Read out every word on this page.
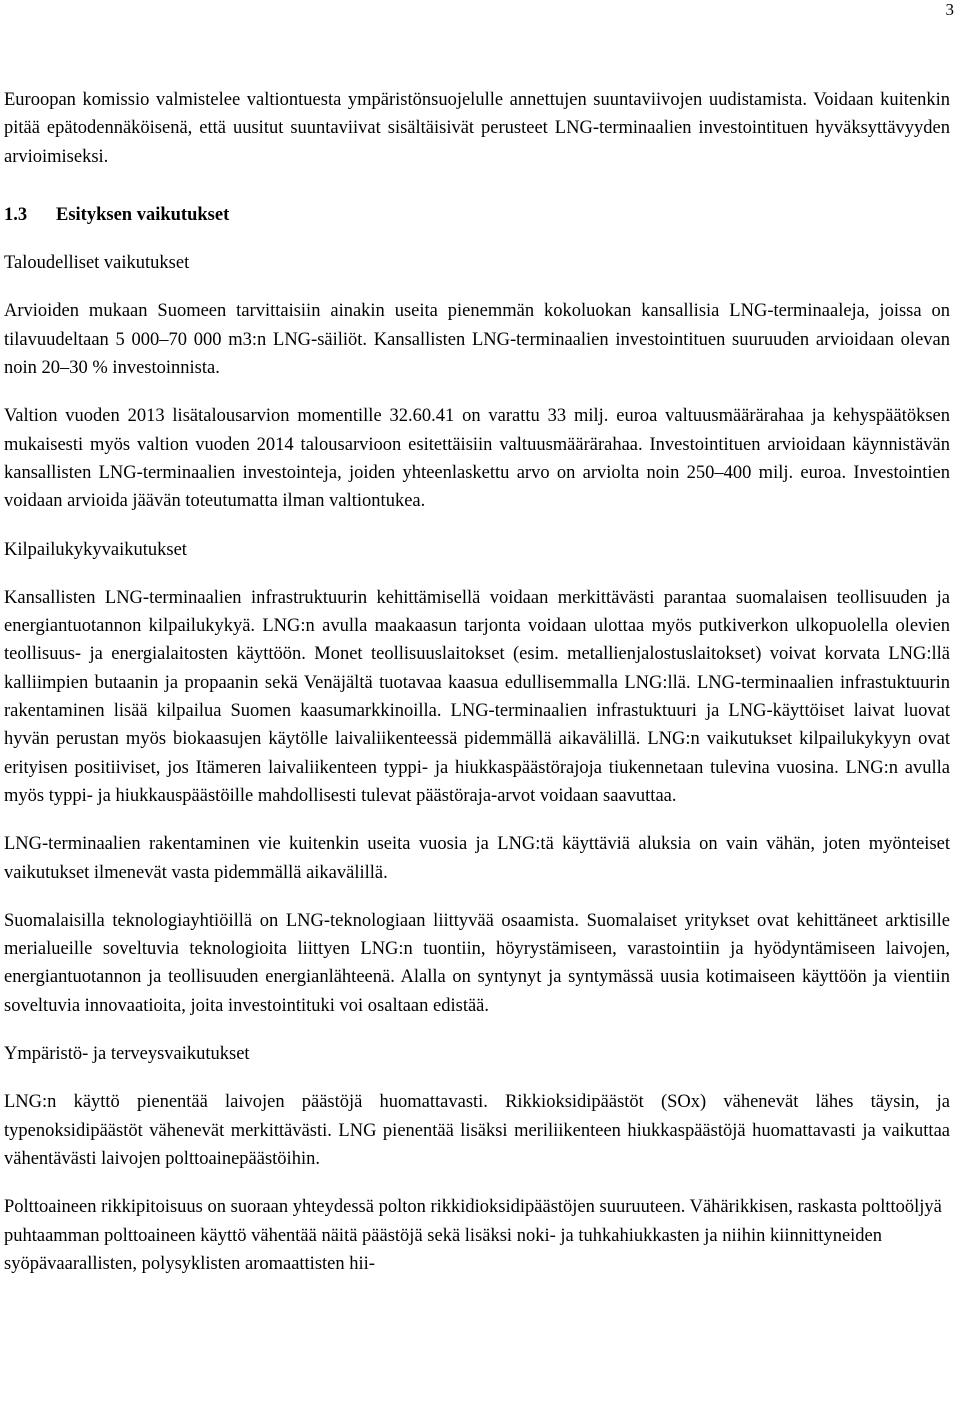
3

Euroopan komissio valmistelee valtiontuesta ympäristönsuojelulle annettujen suuntaviivojen uudistamista. Voidaan kuitenkin pitää epätodennäköisenä, että uusitut suuntaviivat sisältäisivät perusteet LNG-terminaalien investointituen hyväksyttävyyden arvioimiseksi.

1.3 Esityksen vaikutukset
Taloudelliset vaikutukset

Arvioiden mukaan Suomeen tarvittaisiin ainakin useita pienemmän kokoluokan kansallisia LNG-terminaaleja, joissa on tilavuudeltaan 5 000–70 000 m3:n LNG-säiliöt. Kansallisten LNG-terminaalien investointituen suuruuden arvioidaan olevan noin 20–30 % investoinnista.

Valtion vuoden 2013 lisätalousarvion momentille 32.60.41 on varattu 33 milj. euroa valtuusmäärärahaa ja kehyspäätöksen mukaisesti myös valtion vuoden 2014 talousarvioon esitettäisiin valtuusmäärärahaa. Investointituen arvioidaan käynnistävän kansallisten LNG-terminaalien investointeja, joiden yhteenlaskettu arvo on arviolta noin 250–400 milj. euroa. Investointien voidaan arvioida jäävän toteutumatta ilman valtiontukea.

Kilpailukykyvaikutukset

Kansallisten LNG-terminaalien infrastruktuurin kehittämisellä voidaan merkittävästi parantaa suomalaisen teollisuuden ja energiantuotannon kilpailukykyä. LNG:n avulla maakaasun tarjonta voidaan ulottaa myös putkiverkon ulkopuolella olevien teollisuus- ja energialaitosten käyttöön. Monet teollisuuslaitokset (esim. metallienjalostuslaitokset) voivat korvata LNG:llä kalliimpien butaanin ja propaanin sekä Venäjältä tuotavaa kaasua edullisemmalla LNG:llä. LNG-terminaalien infrastuktuurin rakentaminen lisää kilpailua Suomen kaasumarkkinoilla. LNG-terminaalien infrastuktuuri ja LNG-käyttöiset laivat luovat hyvän perustan myös biokaasujen käytölle laivaliikenteessä pidemmällä aikavälillä. LNG:n vaikutukset kilpailukykyyn ovat erityisen positiiviset, jos Itämeren laivaliikenteen typpi- ja hiukkaspäästörajoja tiukennetaan tulevina vuosina. LNG:n avulla myös typpi- ja hiukkauspäästöille mahdollisesti tulevat päästöraja-arvot voidaan saavuttaa.

LNG-terminaalien rakentaminen vie kuitenkin useita vuosia ja LNG:tä käyttäviä aluksia on vain vähän, joten myönteiset vaikutukset ilmenevät vasta pidemmällä aikavälillä.

Suomalaisilla teknologiayhtiöillä on LNG-teknologiaan liittyvää osaamista. Suomalaiset yritykset ovat kehittäneet arktisille merialueille soveltuvia teknologioita liittyen LNG:n tuontiin, höyrystämiseen, varastointiin ja hyödyntämiseen laivojen, energiantuotannon ja teollisuuden energianlähteenä. Alalla on syntynyt ja syntymässä uusia kotimaiseen käyttöön ja vientiin soveltuvia innovaatioita, joita investointituki voi osaltaan edistää.

Ympäristö- ja terveysvaikutukset

LNG:n käyttö pienentää laivojen päästöjä huomattavasti. Rikkioksidipäästöt (SOx) vähenevät lähes täysin, ja typenoksidipäästöt vähenevät merkittävästi. LNG pienentää lisäksi meriliikenteen hiukkaspäästöjä huomattavasti ja vaikuttaa vähentävästi laivojen polttoainepäästöihin.

Polttoaineen rikkipitoisuus on suoraan yhteydessä polton rikkidioksidipäästöjen suuruuteen. Vähärikkisen, raskasta polttoöljyä puhtaamman polttoaineen käyttö vähentää näitä päästöjä sekä lisäksi noki- ja tuhkahiukkasten ja niihin kiinnittyneiden syöpävaarallisten, polysyklisten aromaattisten hii-
